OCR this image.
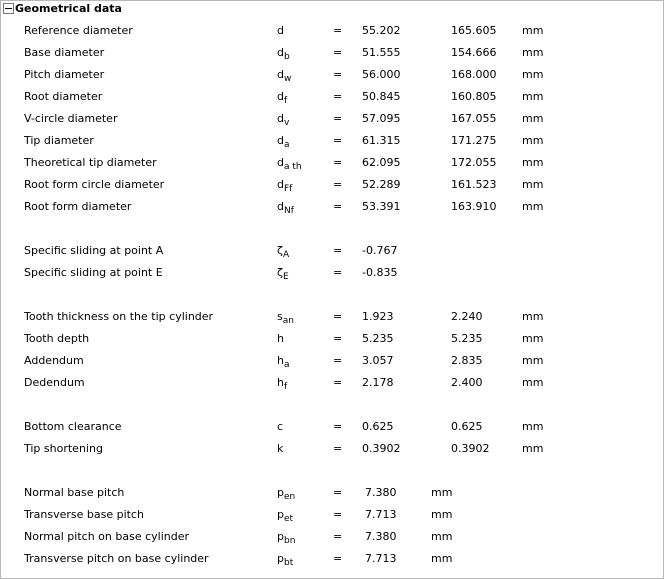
Geometrical data
Reference diameter	d	= 55.202	165.605 mm
Base diameter	$d_b$	= 51.555	154.666 mm
Pitch diameter	$d_w$	= 56.000	168.000 mm
Root diameter	$d_f$	= 50.845	160.805 mm
V-circle diameter	$d_v$	= 57.095	167.055 mm
Tip diameter	$d_a$	= 61.315	171.275 mm
Theoretical tip diameter	$d_{a th}$	= 62.095	172.055 mm
Root form circle diameter	$d_{Ff}$	= 52.289	161.523 mm
Root form diameter	$d_{Nf}$	= 53.391	163.910 mm
Specific sliding at point A	$\zeta_A$	= -0.767
Specific sliding at point E	$\zeta_E$	= -0.835
Tooth thickness on the tip cylinder	$s_{an}$	= 1.923	2.240	mm
Tooth depth	h	= 5.235	5.235	mm
Addendum	$h_a$	= 3.057	2.835	mm
Dedendum	$h_f$	= 2.178	2.400	mm
Bottom clearance	c	= 0.625	0.625	mm
Tip shortening	k	= 0.3902	0.3902	mm
Normal base pitch	$p_{en}$	= 7.380	mm
Transverse base pitch	$p_{et}$	= 7.713	mm
Normal pitch on base cylinder	$p_{bn}$	= 7.380	mm
Transverse pitch on base cylinder	$p_{bt}$	= 7.713	mm
